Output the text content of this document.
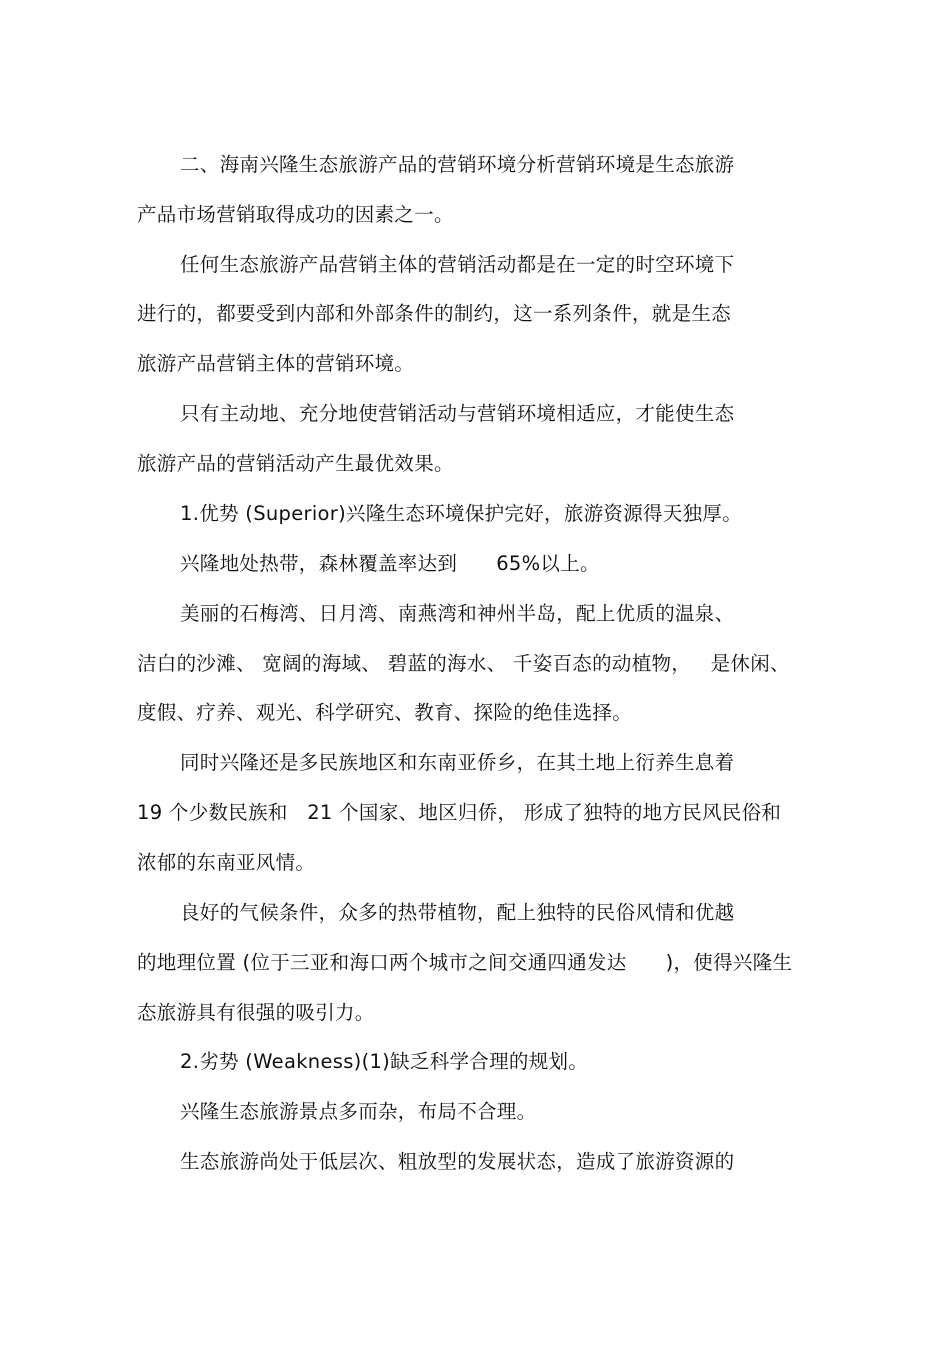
二、海南兴隆生态旅游产品的营销环境分析营销环境是生态旅游
产品市场营销取得成功的因素之一。
任何生态旅游产品营销主体的营销活动都是在一定的时空环境下
进行的，都要受到内部和外部条件的制约，这一系列条件，就是生态
旅游产品营销主体的营销环境。
只有主动地、充分地使营销活动与营销环境相适应，才能使生态
旅游产品的营销活动产生最优效果。
1.优势 (Superior)兴隆生态环境保护完好，旅游资源得天独厚。
兴隆地处热带，森林覆盖率达到      65%以上。
美丽的石梅湾、日月湾、南燕湾和神州半岛，配上优质的温泉、
洁白的沙滩、 宽阔的海域、 碧蓝的海水、 千姿百态的动植物，   是休闲、
度假、疗养、观光、科学研究、教育、探险的绝佳选择。
同时兴隆还是多民族地区和东南亚侨乡，在其土地上衍养生息着
19 个少数民族和   21 个国家、地区归侨， 形成了独特的地方民风民俗和
浓郁的东南亚风情。
良好的气候条件，众多的热带植物，配上独特的民俗风情和优越
的地理位置 (位于三亚和海口两个城市之间交通四通发达      )，使得兴隆生
态旅游具有很强的吸引力。
2.劣势 (Weakness)(1)缺乏科学合理的规划。
兴隆生态旅游景点多而杂，布局不合理。
生态旅游尚处于低层次、粗放型的发展状态，造成了旅游资源的
